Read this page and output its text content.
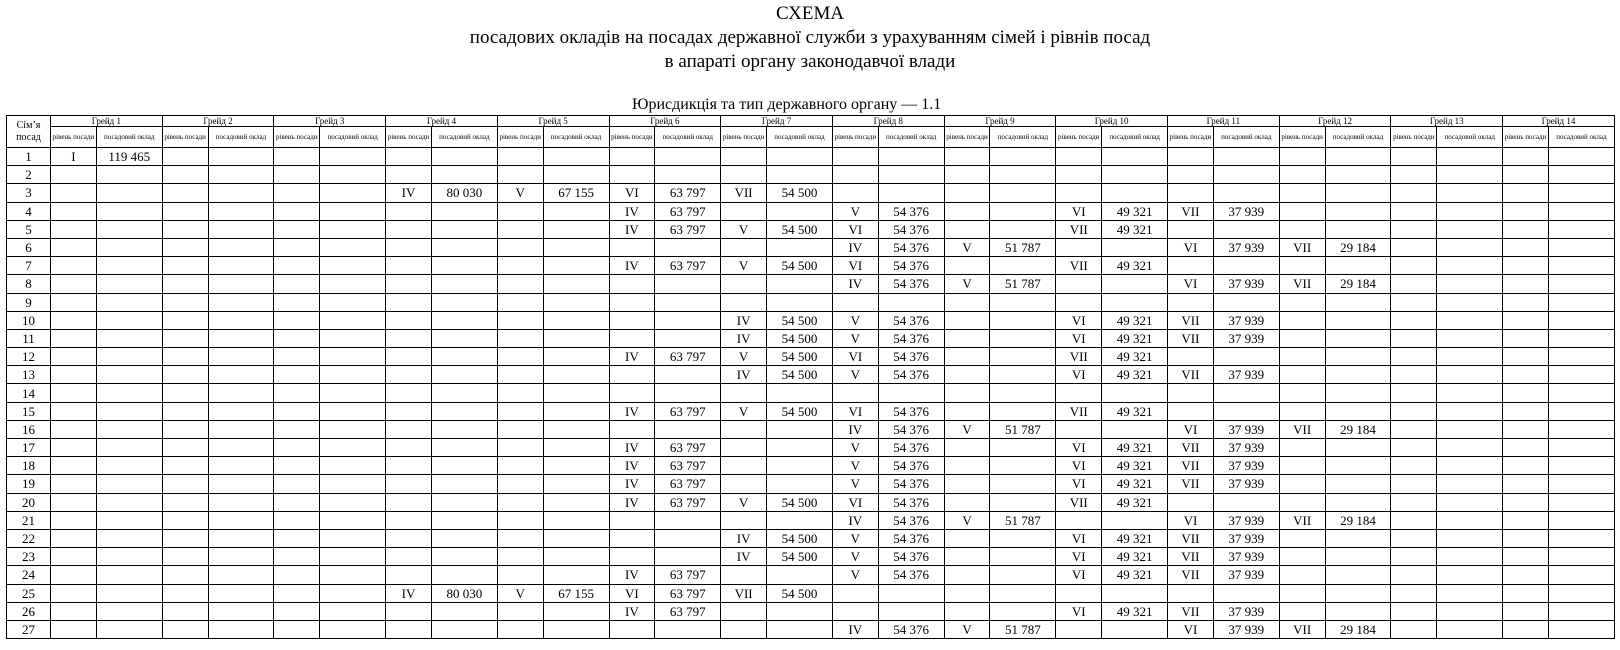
СХЕМА
посадових окладів на посадах державної служби з урахуванням сімей і рівнів посад
в апараті органу законодавчої влади
Юрисдикція та тип державного органу — 1.1
Сім’я посад	Грейд 1		Грейд 2		Грейд 3		Грейд 4		Грейд 5		Грейд 6		Грейд 7		Грейд 8		Грейд 9		Грейд 10		Грейд 11		Грейд 12		Грейд 13		Грейд 14	
	рівень посади	посадовий оклад	рівень посади	посадовий оклад	рівень посади	посадовий оклад	рівень посади	посадовий оклад	рівень посади	посадовий оклад	рівень посади	посадовий оклад	рівень посади	посадовий оклад	рівень посади	посадовий оклад	рівень посади	посадовий оклад	рівень посади	посадовий оклад	рівень посади	посадовий оклад	рівень посади	посадовий оклад	рівень посади	посадовий оклад	рівень посади	посадовий оклад
1	I	119 465																										
2																												
3							IV	80 030	V	67 155	VI	63 797	VII	54 500														
4											IV	63 797			V	54 376			VI	49 321	VII	37 939						
5											IV	63 797	V	54 500	VI	54 376			VII	49 321								
6															IV	54 376	V	51 787			VI	37 939	VII	29 184				
7											IV	63 797	V	54 500	VI	54 376			VII	49 321								
8															IV	54 376	V	51 787			VI	37 939	VII	29 184				
9																												
10													IV	54 500	V	54 376			VI	49 321	VII	37 939						
11													IV	54 500	V	54 376			VI	49 321	VII	37 939						
12											IV	63 797	V	54 500	VI	54 376			VII	49 321								
13													IV	54 500	V	54 376			VI	49 321	VII	37 939						
14																												
15											IV	63 797	V	54 500	VI	54 376			VII	49 321								
16															IV	54 376	V	51 787			VI	37 939	VII	29 184				
17											IV	63 797			V	54 376			VI	49 321	VII	37 939						
18											IV	63 797			V	54 376			VI	49 321	VII	37 939						
19											IV	63 797			V	54 376			VI	49 321	VII	37 939						
20											IV	63 797	V	54 500	VI	54 376			VII	49 321								
21															IV	54 376	V	51 787			VI	37 939	VII	29 184				
22													IV	54 500	V	54 376			VI	49 321	VII	37 939						
23													IV	54 500	V	54 376			VI	49 321	VII	37 939						
24											IV	63 797			V	54 376			VI	49 321	VII	37 939						
25							IV	80 030	V	67 155	VI	63 797	VII	54 500														
26											IV	63 797							VI	49 321	VII	37 939						
27															IV	54 376	V	51 787			VI	37 939	VII	29 184				
